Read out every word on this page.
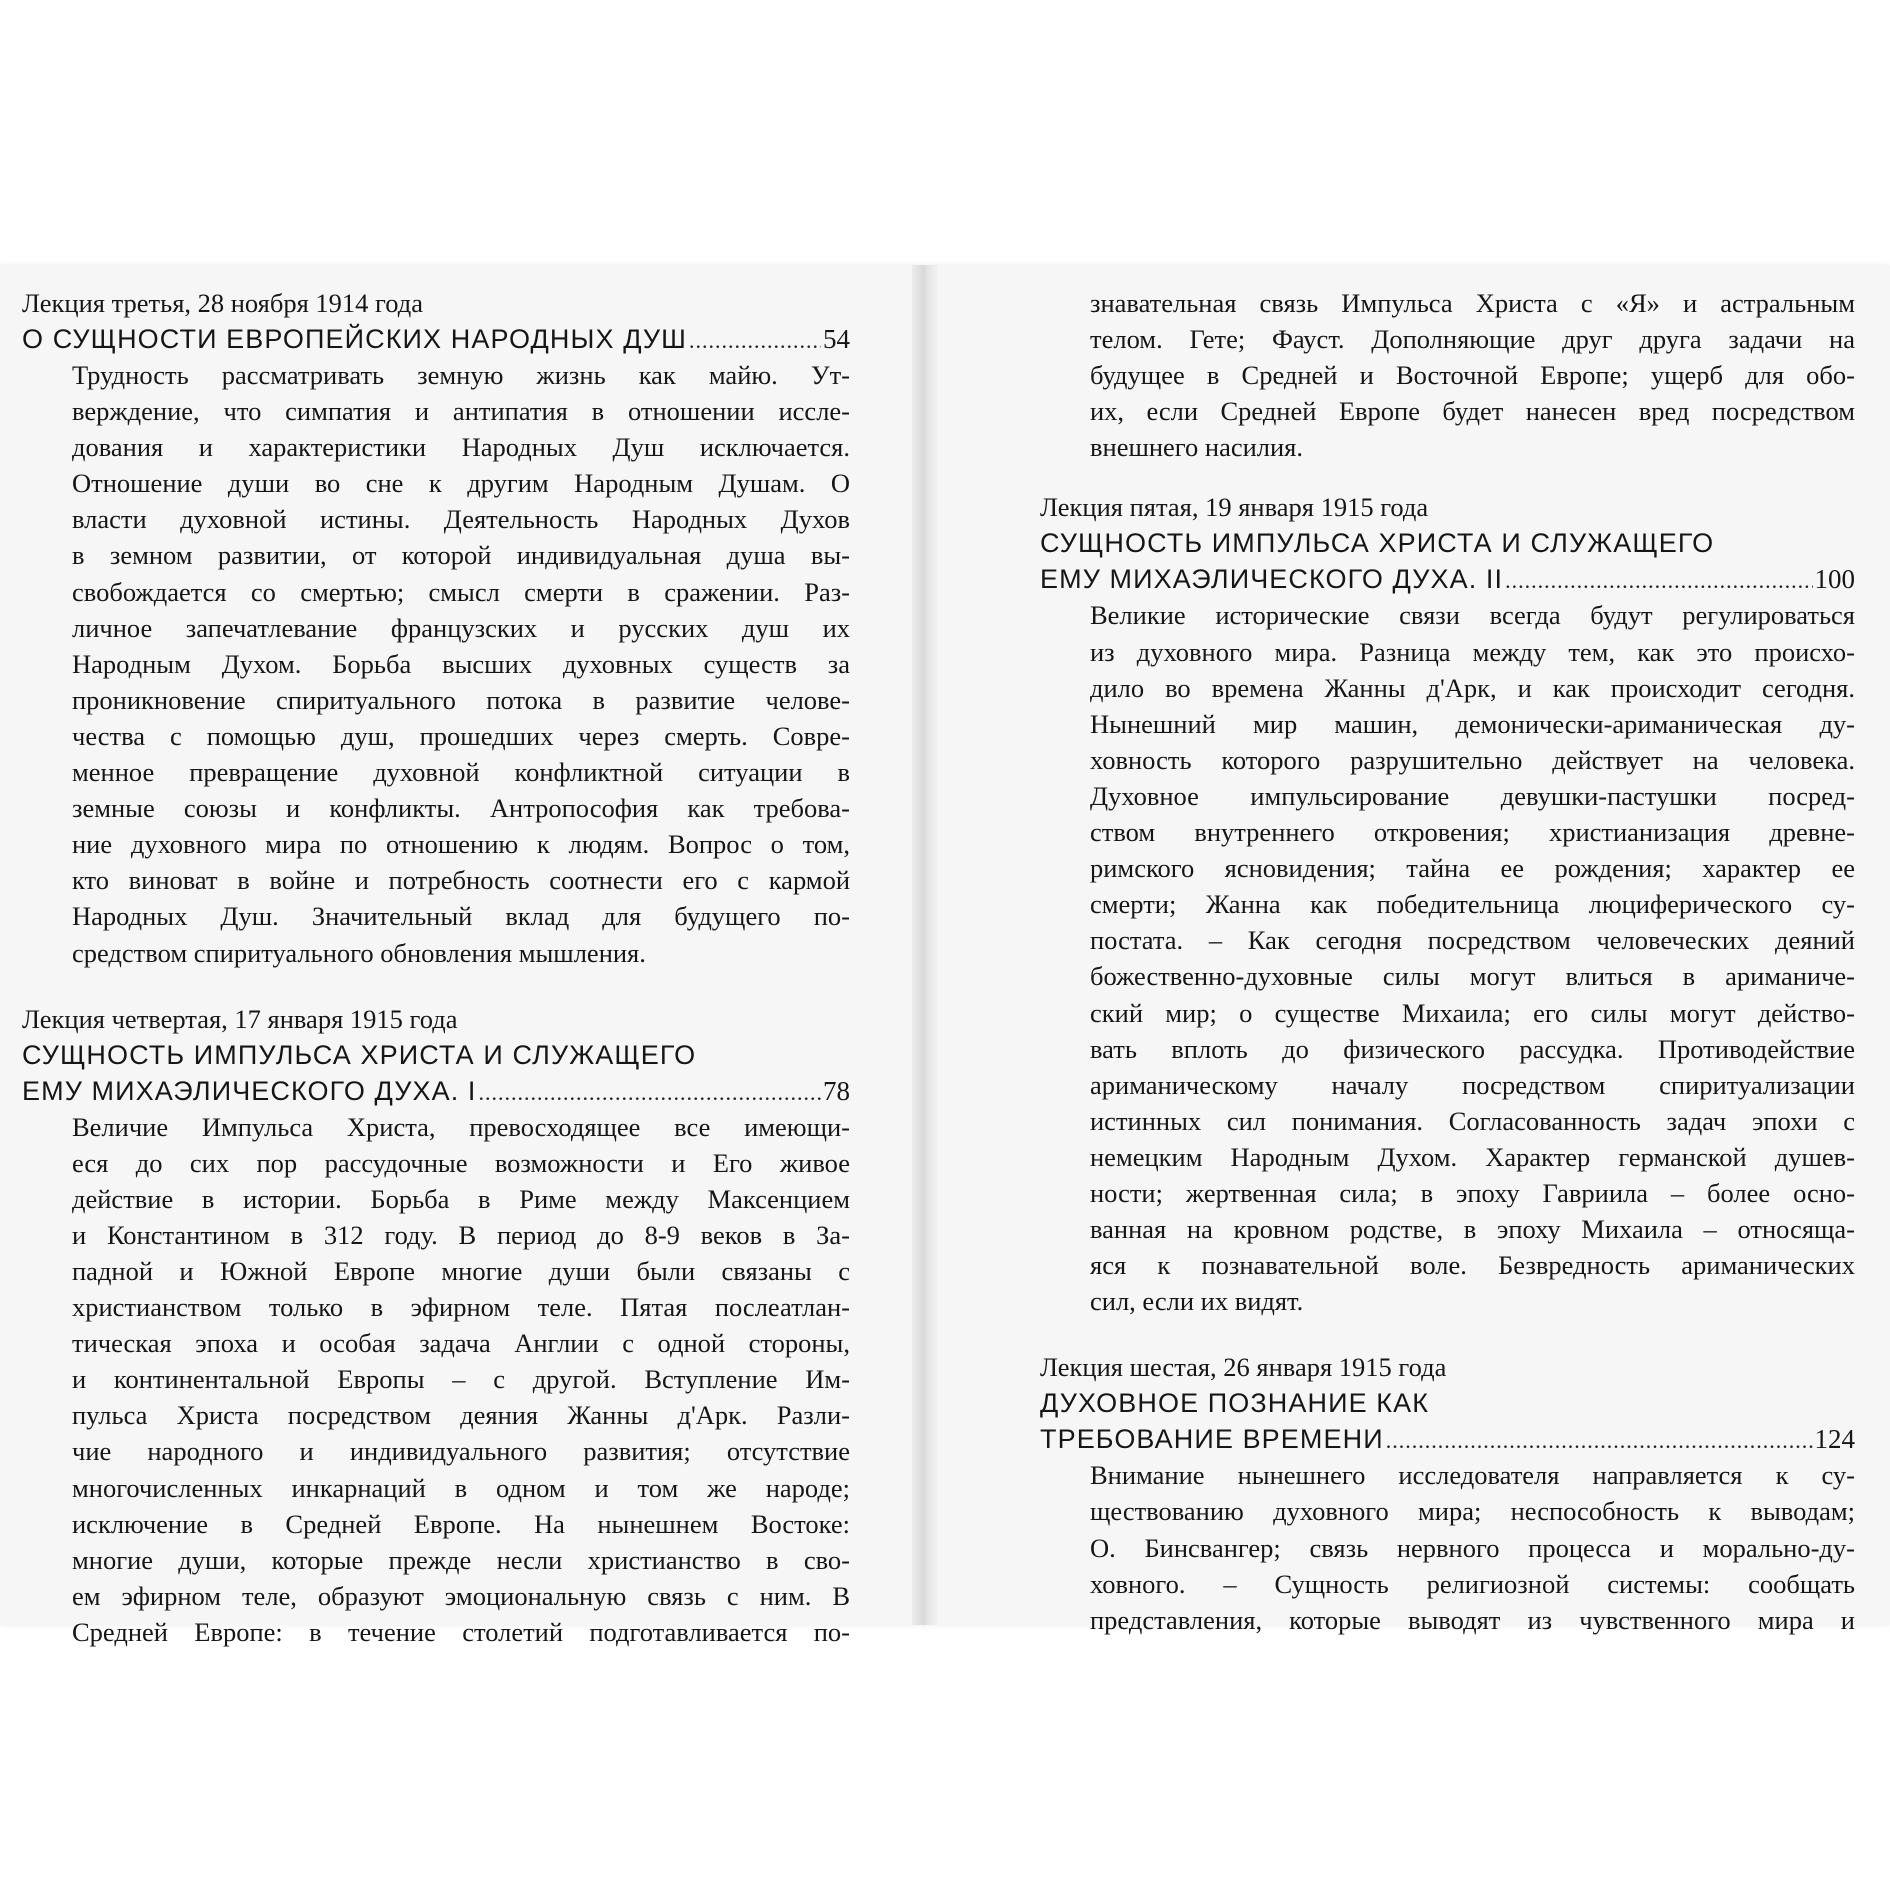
Лекция третья, 28 ноября 1914 года
О СУЩНОСТИ ЕВРОПЕЙСКИХ НАРОДНЫХ ДУШ .....	54
Трудность рассматривать земную жизнь как майю. Ут-
верждение, что симпатия и антипатия в отношении иссле-
дования и характеристики Народных Душ исключается.
Отношение души во сне к другим Народным Душам. О
власти духовной истины. Деятельность Народных Духов
в земном развитии, от которой индивидуальная душа вы-
свобождается со смертью; смысл смерти в сражении. Раз-
личное запечатлевание французских и русских душ их
Народным Духом. Борьба высших духовных существ за
проникновение спиритуального потока в развитие челове-
чества с помощью душ, прошедших через смерть. Совре-
менное превращение духовной конфликтной ситуации в
земные союзы и конфликты. Антропософия как требова-
ние духовного мира по отношению к людям. Вопрос о том,
кто виноват в войне и потребность соотнести его с кармой
Народных Душ. Значительный вклад для будущего по-
средством спиритуального обновления мышления.
Лекция четвертая, 17 января 1915 года
СУЩНОСТЬ ИМПУЛЬСА ХРИСТА И СЛУЖАЩЕГО
ЕМУ МИХАЭЛИЧЕСКОГО ДУХА. I .....	78
Величие Импульса Христа, превосходящее все имеющи-
еся до сих пор рассудочные возможности и Его живое
действие в истории. Борьба в Риме между Максенцием
и Константином в 312 году. В период до 8-9 веков в За-
падной и Южной Европе многие души были связаны с
христианством только в эфирном теле. Пятая послеатлан-
тическая эпоха и особая задача Англии с одной стороны,
и континентальной Европы – с другой. Вступление Им-
пульса Христа посредством деяния Жанны д'Арк. Разли-
чие народного и индивидуального развития; отсутствие
многочисленных инкарнаций в одном и том же народе;
исключение в Средней Европе. На нынешнем Востоке:
многие души, которые прежде несли христианство в сво-
ем эфирном теле, образуют эмоциональную связь с ним. В
Средней Европе: в течение столетий подготавливается по-
знавательная связь Импульса Христа с «Я» и астральным
телом. Гете; Фауст. Дополняющие друг друга задачи на
будущее в Средней и Восточной Европе; ущерб для обо-
их, если Средней Европе будет нанесен вред посредством
внешнего насилия.
Лекция пятая, 19 января 1915 года
СУЩНОСТЬ ИМПУЛЬСА ХРИСТА И СЛУЖАЩЕГО
ЕМУ МИХАЭЛИЧЕСКОГО ДУХА. II .....	100
Великие исторические связи всегда будут регулироваться
из духовного мира. Разница между тем, как это происхо-
дило во времена Жанны д'Арк, и как происходит сегодня.
Нынешний мир машин, демонически-ариманическая ду-
ховность которого разрушительно действует на человека.
Духовное импульсирование девушки-пастушки посред-
ством внутреннего откровения; христианизация древне-
римского ясновидения; тайна ее рождения; характер ее
смерти; Жанна как победительница люциферического су-
постата. – Как сегодня посредством человеческих деяний
божественно-духовные силы могут влиться в ариманиче-
ский мир; о существе Михаила; его силы могут действо-
вать вплоть до физического рассудка. Противодействие
ариманическому началу посредством спиритуализации
истинных сил понимания. Согласованность задач эпохи с
немецким Народным Духом. Характер германской душев-
ности; жертвенная сила; в эпоху Гавриила – более осно-
ванная на кровном родстве, в эпоху Михаила – относяща-
яся к познавательной воле. Безвредность ариманических
сил, если их видят.
Лекция шестая, 26 января 1915 года
ДУХОВНОЕ ПОЗНАНИЕ КАК
ТРЕБОВАНИЕ ВРЕМЕНИ .....	124
Внимание нынешнего исследователя направляется к су-
ществованию духовного мира; неспособность к выводам;
О. Бинсвангер; связь нервного процесса и морально-ду-
ховного. – Сущность религиозной системы: сообщать
представления, которые выводят из чувственного мира и
